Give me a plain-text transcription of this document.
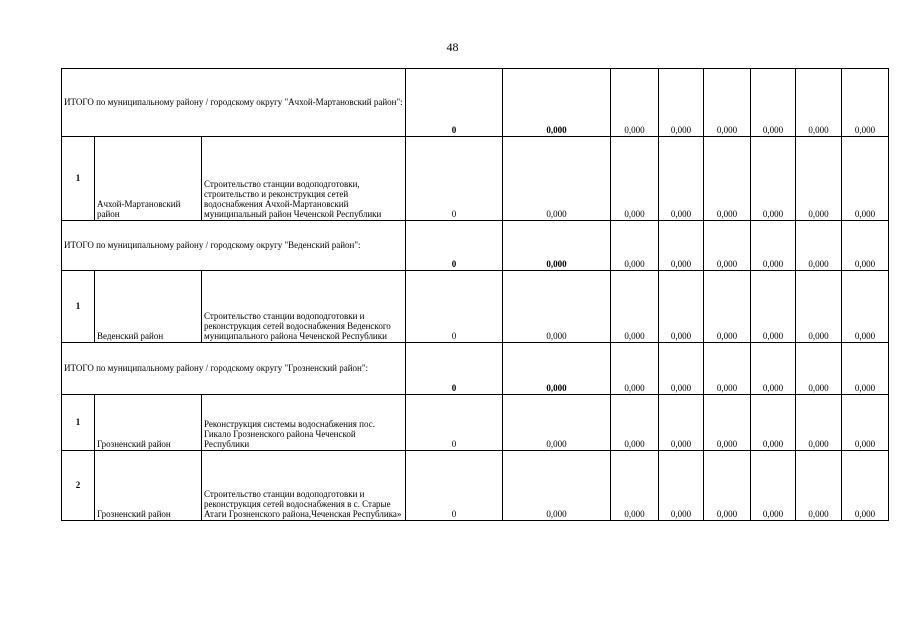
48
ИТОГО по муниципальному району / городскому округу "Ачхой-Мартановский район":			0	0,000	0,000	0,000	0,000	0,000	0,000	0,000
1	Ачхой-Мартановский район	Строительство станции водоподготовки, строительство и реконструкция сетей водоснабжения Ачхой-Мартановский муниципальный район Чеченской Республики	0	0,000	0,000	0,000	0,000	0,000	0,000	0,000
ИТОГО по муниципальному району / городскому округу "Веденский район":			0	0,000	0,000	0,000	0,000	0,000	0,000	0,000
1	Веденский район	Строительство станции водоподготовки и реконструкция сетей водоснабжения Веденского муниципального района Чеченской Республики	0	0,000	0,000	0,000	0,000	0,000	0,000	0,000
ИТОГО по муниципальному району / городскому округу "Грозненский район":			0	0,000	0,000	0,000	0,000	0,000	0,000	0,000
1	Грозненский район	Реконструкция системы водоснабжения пос. Гикало Грозненского района Чеченской Республики	0	0,000	0,000	0,000	0,000	0,000	0,000	0,000
2	Грозненский район	Строительство станции водоподготовки и реконструкция сетей водоснабжения в с. Старые Атаги Грозненского района,Чеченская Республика»	0	0,000	0,000	0,000	0,000	0,000	0,000	0,000
